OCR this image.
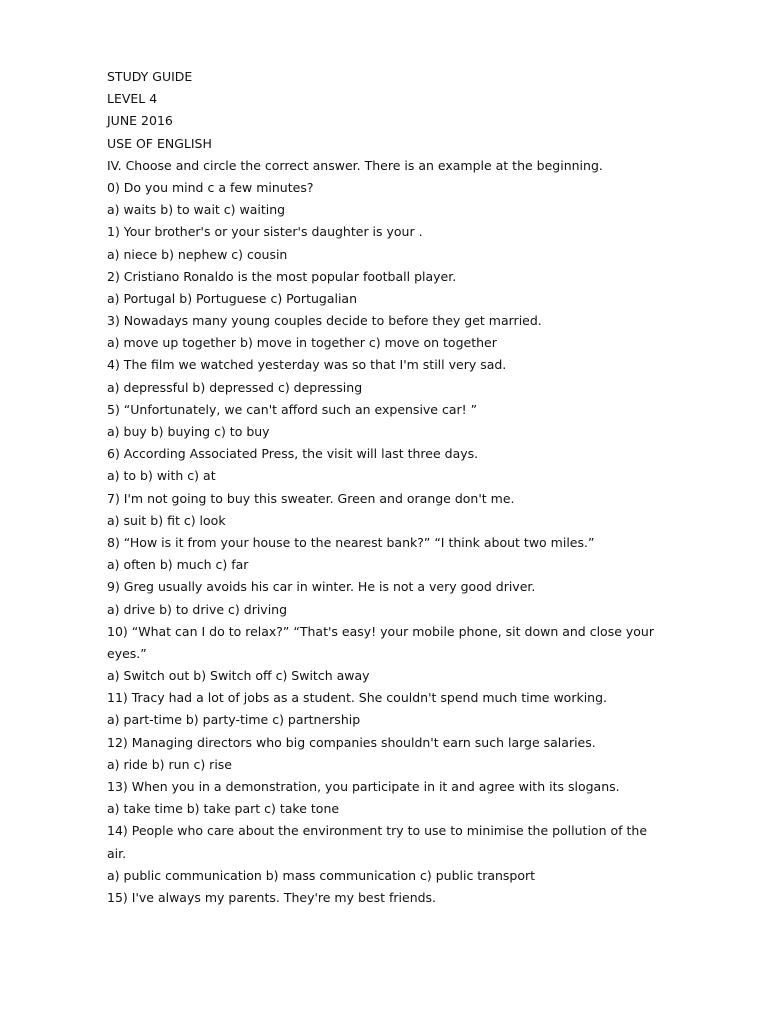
STUDY GUIDE

LEVEL 4

JUNE 2016

USE OF ENGLISH

IV. Choose and circle the correct answer. There is an example at the beginning.

0) Do you mind c a few minutes?

a) waits b) to wait c) waiting

1) Your brother's or your sister's daughter is your .

a) niece b) nephew c) cousin

2) Cristiano Ronaldo is the most popular football player.

a) Portugal b) Portuguese c) Portugalian

3) Nowadays many young couples decide to before they get married.

a) move up together b) move in together c) move on together

4) The film we watched yesterday was so that I'm still very sad.

a) depressful b) depressed c) depressing

5) “Unfortunately, we can't afford such an expensive car! ”

a) buy b) buying c) to buy

6) According Associated Press, the visit will last three days.

a) to b) with c) at

7) I'm not going to buy this sweater. Green and orange don't me.

a) suit b) fit c) look

8) “How is it from your house to the nearest bank?” “I think about two miles.”

a) often b) much c) far

9) Greg usually avoids his car in winter. He is not a very good driver.

a) drive b) to drive c) driving

10) “What can I do to relax?” “That's easy! your mobile phone, sit down and close your

eyes.”

a) Switch out b) Switch off c) Switch away

11) Tracy had a lot of jobs as a student. She couldn't spend much time working.

a) part-time b) party-time c) partnership

12) Managing directors who big companies shouldn't earn such large salaries.

a) ride b) run c) rise

13) When you in a demonstration, you participate in it and agree with its slogans.

a) take time b) take part c) take tone

14) People who care about the environment try to use to minimise the pollution of the

air.

a) public communication b) mass communication c) public transport

15) I've always my parents. They're my best friends.
